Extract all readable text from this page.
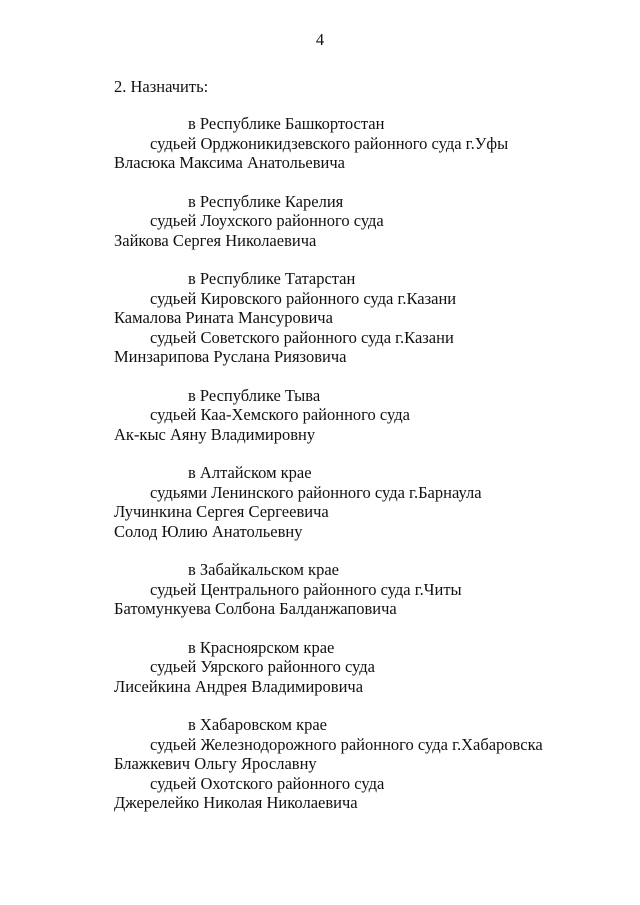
4
2. Назначить:
в Республике Башкортостан
судьей Орджоникидзевского районного суда г.Уфы
Власюка Максима Анатольевича
в Республике Карелия
судьей Лоухского районного суда
Зайкова Сергея Николаевича
в Республике Татарстан
судьей Кировского районного суда г.Казани
Камалова Рината Мансуровича
судьей Советского районного суда г.Казани
Минзарипова Руслана Риязовича
в Республике Тыва
судьей Каа-Хемского районного суда
Ак-кыс Аяну Владимировну
в Алтайском крае
судьями Ленинского районного суда г.Барнаула
Лучинкина Сергея Сергеевича
Солод Юлию Анатольевну
в Забайкальском крае
судьей Центрального районного суда г.Читы
Батомункуева Солбона Балданжаповича
в Красноярском крае
судьей Уярского районного суда
Лисейкина Андрея Владимировича
в Хабаровском крае
судьей Железнодорожного районного суда г.Хабаровска
Блажкевич Ольгу Ярославну
судьей Охотского районного суда
Джерелейко Николая Николаевича
